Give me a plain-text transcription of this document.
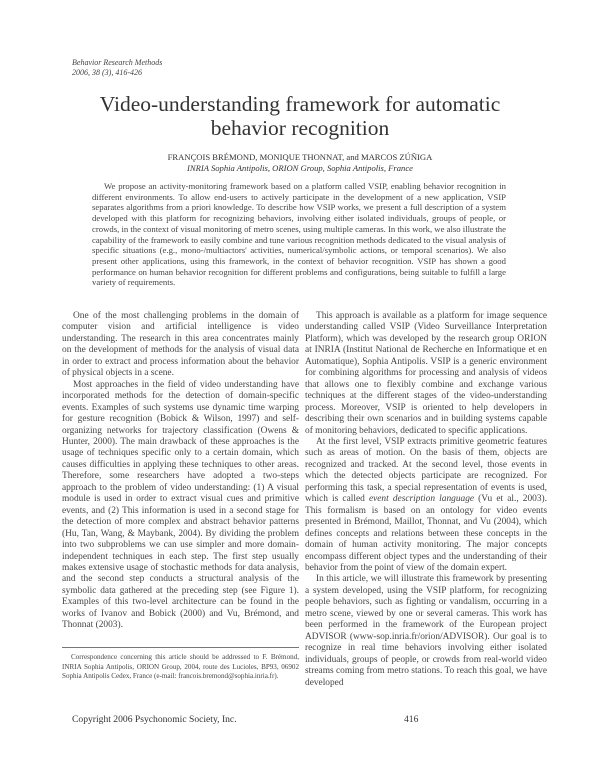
Behavior Research Methods
2006, 38 (3), 416-426
Video-understanding framework for automatic
behavior recognition
FRANÇOIS BRÉMOND, MONIQUE THONNAT, and MARCOS ZÚÑIGA
INRIA Sophia Antipolis, ORION Group, Sophia Antipolis, France
We propose an activity-monitoring framework based on a platform called VSIP, enabling behavior recognition in different environments. To allow end-users to actively participate in the development of a new application, VSIP separates algorithms from a priori knowledge. To describe how VSIP works, we present a full description of a system developed with this platform for recognizing behaviors, involving either isolated individuals, groups of people, or crowds, in the context of visual monitoring of metro scenes, using multiple cameras. In this work, we also illustrate the capability of the framework to easily combine and tune various recognition methods dedicated to the visual analysis of specific situations (e.g., mono-/multiactors' activities, numerical/symbolic actions, or temporal scenarios). We also present other applications, using this framework, in the context of behavior recognition. VSIP has shown a good performance on human behavior recognition for different problems and configurations, being suitable to fulfill a large variety of requirements.

One of the most challenging problems in the domain of computer vision and artificial intelligence is video understanding. The research in this area concentrates mainly on the development of methods for the analysis of visual data in order to extract and process information about the behavior of physical objects in a scene.

Most approaches in the field of video understanding have incorporated methods for the detection of domain-specific events. Examples of such systems use dynamic time warping for gesture recognition (Bobick & Wilson, 1997) and self-organizing networks for trajectory classification (Owens & Hunter, 2000). The main drawback of these approaches is the usage of techniques specific only to a certain domain, which causes difficulties in applying these techniques to other areas. Therefore, some researchers have adopted a two-steps approach to the problem of video understanding: (1) A visual module is used in order to extract visual cues and primitive events, and (2) This information is used in a second stage for the detection of more complex and abstract behavior patterns (Hu, Tan, Wang, & Maybank, 2004). By dividing the problem into two subproblems we can use simpler and more domain-independent techniques in each step. The first step usually makes extensive usage of stochastic methods for data analysis, and the second step conducts a structural analysis of the symbolic data gathered at the preceding step (see Figure 1). Examples of this two-level architecture can be found in the works of Ivanov and Bobick (2000) and Vu, Brémond, and Thonnat (2003).

This approach is available as a platform for image sequence understanding called VSIP (Video Surveillance Interpretation Platform), which was developed by the research group ORION at INRIA (Institut National de Recherche en Informatique et en Automatique), Sophia Antipolis. VSIP is a generic environment for combining algorithms for processing and analysis of videos that allows one to flexibly combine and exchange various techniques at the different stages of the video-understanding process. Moreover, VSIP is oriented to help developers in describing their own scenarios and in building systems capable of monitoring behaviors, dedicated to specific applications.

At the first level, VSIP extracts primitive geometric features such as areas of motion. On the basis of them, objects are recognized and tracked. At the second level, those events in which the detected objects participate are recognized. For performing this task, a special representation of events is used, which is called event description language (Vu et al., 2003). This formalism is based on an ontology for video events presented in Brémond, Maillot, Thonnat, and Vu (2004), which defines concepts and relations between these concepts in the domain of human activity monitoring. The major concepts encompass different object types and the understanding of their behavior from the point of view of the domain expert.

In this article, we will illustrate this framework by presenting a system developed, using the VSIP platform, for recognizing people behaviors, such as fighting or vandalism, occurring in a metro scene, viewed by one or several cameras. This work has been performed in the framework of the European project ADVISOR (www-sop.inria.fr/orion/ADVISOR). Our goal is to recognize in real time behaviors involving either isolated individuals, groups of people, or crowds from real-world video streams coming from metro stations. To reach this goal, we have developed

Correspondence concerning this article should be addressed to F. Brémond, INRIA Sophia Antipolis, ORION Group, 2004, route des Lucioles, BP93, 06902 Sophia Antipolis Cedex, France (e-mail: francois.bremond@sophia.inria.fr).
Copyright 2006 Psychonomic Society, Inc.	416
